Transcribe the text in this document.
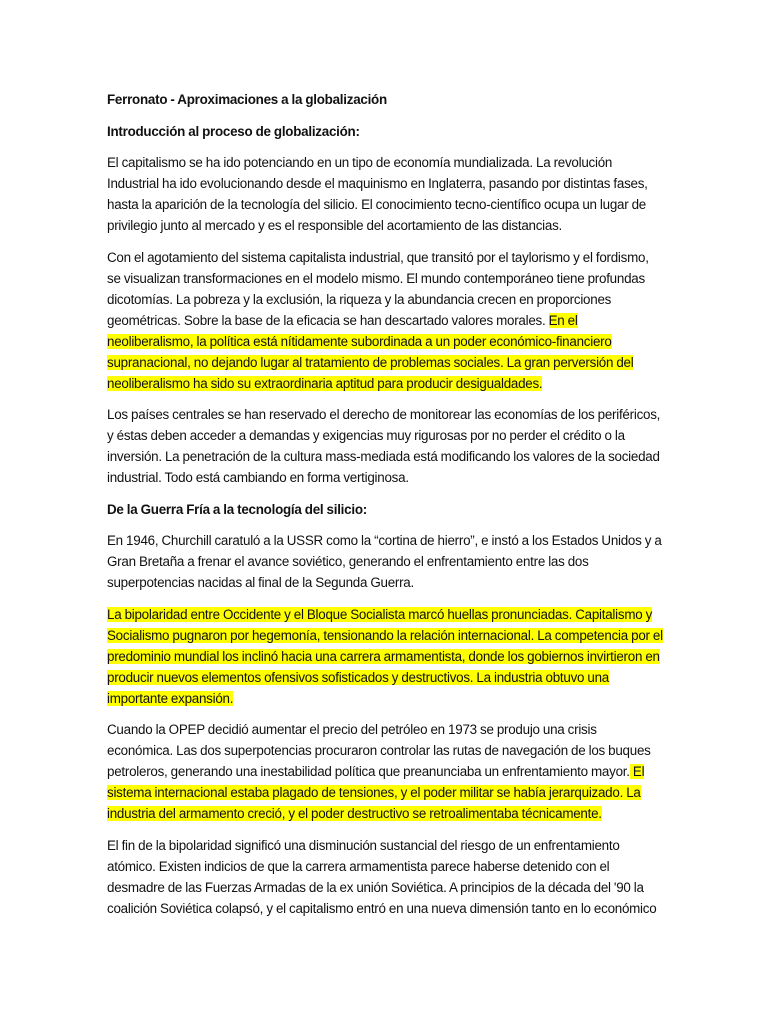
Ferronato - Aproximaciones a la globalización

Introducción al proceso de globalización:

El capitalismo se ha ido potenciando en un tipo de economía mundializada. La revolución Industrial ha ido evolucionando desde el maquinismo en Inglaterra, pasando por distintas fases, hasta la aparición de la tecnología del silicio. El conocimiento tecno-científico ocupa un lugar de privilegio junto al mercado y es el responsible del acortamiento de las distancias.

Con el agotamiento del sistema capitalista industrial, que transitó por el taylorismo y el fordismo, se visualizan transformaciones en el modelo mismo. El mundo contemporáneo tiene profundas dicotomías. La pobreza y la exclusión, la riqueza y la abundancia crecen en proporciones geométricas. Sobre la base de la eficacia se han descartado valores morales. En el neoliberalismo, la política está nítidamente subordinada a un poder económico-financiero supranacional, no dejando lugar al tratamiento de problemas sociales. La gran perversión del neoliberalismo ha sido su extraordinaria aptitud para producir desigualdades.

Los países centrales se han reservado el derecho de monitorear las economías de los periféricos, y éstas deben acceder a demandas y exigencias muy rigurosas por no perder el crédito o la inversión. La penetración de la cultura mass-mediada está modificando los valores de la sociedad industrial. Todo está cambiando en forma vertiginosa.

De la Guerra Fría a la tecnología del silicio:

En 1946, Churchill caratuló a la USSR como la “cortina de hierro”, e instó a los Estados Unidos y a Gran Bretaña a frenar el avance soviético, generando el enfrentamiento entre las dos superpotencias nacidas al final de la Segunda Guerra.

La bipolaridad entre Occidente y el Bloque Socialista marcó huellas pronunciadas. Capitalismo y Socialismo pugnaron por hegemonía, tensionando la relación internacional. La competencia por el predominio mundial los inclinó hacia una carrera armamentista, donde los gobiernos invirtieron en producir nuevos elementos ofensivos sofisticados y destructivos. La industria obtuvo una importante expansión.

Cuando la OPEP decidió aumentar el precio del petróleo en 1973 se produjo una crisis económica. Las dos superpotencias procuraron controlar las rutas de navegación de los buques petroleros, generando una inestabilidad política que preanunciaba un enfrentamiento mayor. El sistema internacional estaba plagado de tensiones, y el poder militar se había jerarquizado. La industria del armamento creció, y el poder destructivo se retroalimentaba técnicamente.

El fin de la bipolaridad significó una disminución sustancial del riesgo de un enfrentamiento atómico. Existen indicios de que la carrera armamentista parece haberse detenido con el desmadre de las Fuerzas Armadas de la ex unión Soviética. A principios de la década del '90 la coalición Soviética colapsó, y el capitalismo entró en una nueva dimensión tanto en lo económico
